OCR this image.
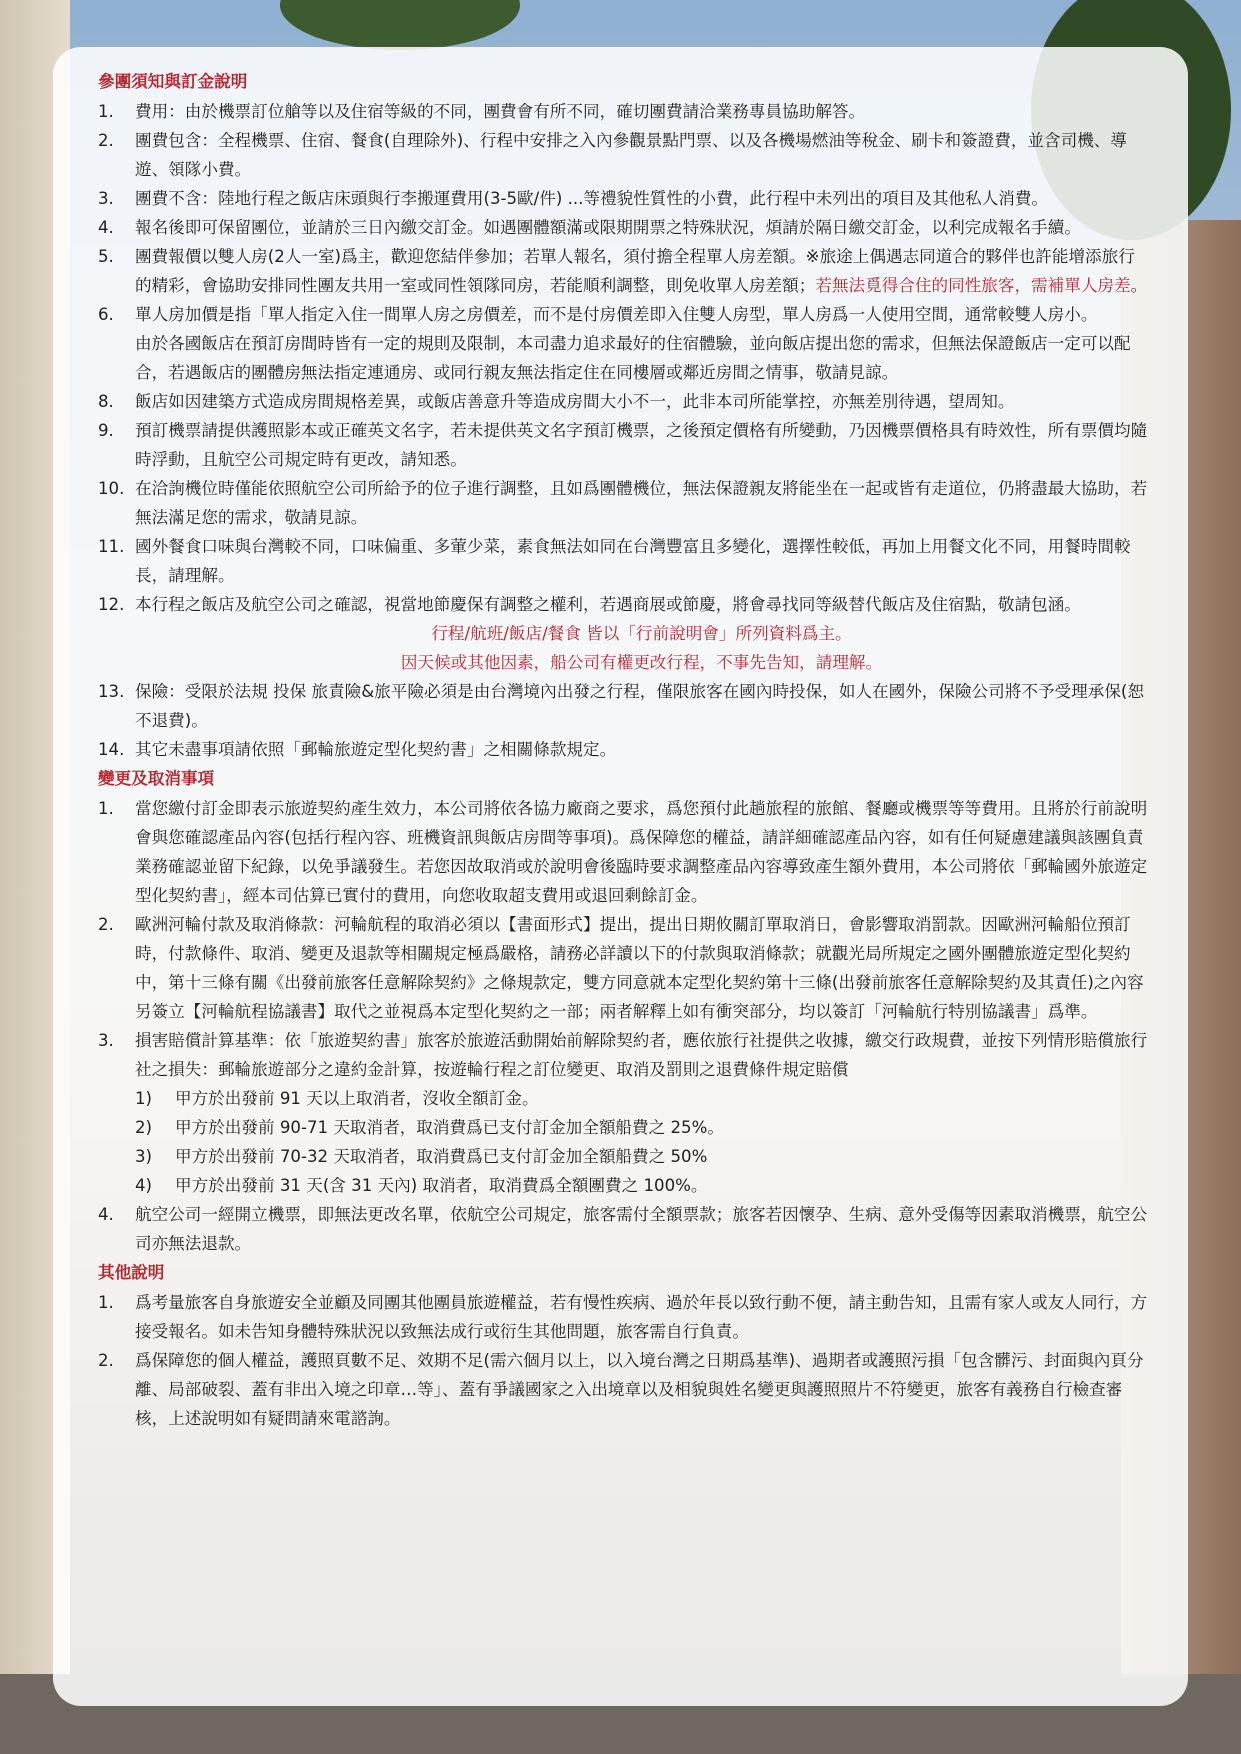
參團須知與訂金說明

1.	費用：由於機票訂位艙等以及住宿等級的不同，團費會有所不同，確切團費請洽業務專員協助解答。
2.	團費包含：全程機票、住宿、餐食(自理除外)、行程中安排之入內參觀景點門票、以及各機場燃油等稅金、刷卡和簽證費，並含司機、導遊、領隊小費。
3.	團費不含：陸地行程之飯店床頭與行李搬運費用(3-5歐/件) ...等禮貌性質性的小費，此行程中未列出的項目及其他私人消費。
4.	報名後即可保留團位，並請於三日內繳交訂金。如遇團體額滿或限期開票之特殊狀況，煩請於隔日繳交訂金，以利完成報名手續。
5.	團費報價以雙人房(2人一室)爲主，歡迎您結伴參加；若單人報名，須付擔全程單人房差額。※旅途上偶遇志同道合的夥伴也許能增添旅行的精彩，會協助安排同性團友共用一室或同性領隊同房，若能順利調整，則免收單人房差額；若無法覓得合住的同性旅客，需補單人房差。
6.	單人房加價是指「單人指定入住一間單人房之房價差，而不是付房價差即入住雙人房型，單人房爲一人使用空間，通常較雙人房小。
由於各國飯店在預訂房間時皆有一定的規則及限制，本司盡力追求最好的住宿體驗，並向飯店提出您的需求，但無法保證飯店一定可以配合，若遇飯店的團體房無法指定連通房、或同行親友無法指定住在同樓層或鄰近房間之情事，敬請見諒。
8.	飯店如因建築方式造成房間規格差異，或飯店善意升等造成房間大小不一，此非本司所能掌控，亦無差別待遇，望周知。
9.	預訂機票請提供護照影本或正確英文名字，若未提供英文名字預訂機票，之後預定價格有所變動，乃因機票價格具有時效性，所有票價均隨時浮動，且航空公司規定時有更改，請知悉。
10. 在洽詢機位時僅能依照航空公司所給予的位子進行調整，且如爲團體機位，無法保證親友將能坐在一起或皆有走道位，仍將盡最大協助，若無法滿足您的需求，敬請見諒。
11. 國外餐食口味與台灣較不同，口味偏重、多葷少菜，素食無法如同在台灣豐富且多變化，選擇性較低，再加上用餐文化不同，用餐時間較長，請理解。
12. 本行程之飯店及航空公司之確認，視當地節慶保有調整之權利，若遇商展或節慶，將會尋找同等級替代飯店及住宿點，敬請包涵。
行程/航班/飯店/餐食 皆以「行前說明會」所列資料爲主。
因天候或其他因素，船公司有權更改行程，不事先告知，請理解。
13. 保險：受限於法規 投保 旅責險&旅平險必須是由台灣境內出發之行程，僅限旅客在國內時投保，如人在國外，保險公司將不予受理承保(恕不退費)。
14. 其它未盡事項請依照「郵輪旅遊定型化契約書」之相關條款規定。

變更及取消事項

1.	當您繳付訂金即表示旅遊契約產生效力，本公司將依各協力廠商之要求，爲您預付此趟旅程的旅館、餐廳或機票等等費用。且將於行前說明會與您確認產品內容(包括行程內容、班機資訊與飯店房間等事項)。爲保障您的權益，請詳細確認產品內容，如有任何疑慮建議與該團負責業務確認並留下紀錄，以免爭議發生。若您因故取消或於說明會後臨時要求調整產品內容導致產生額外費用，本公司將依「郵輪國外旅遊定型化契約書」，經本司估算已實付的費用，向您收取超支費用或退回剩餘訂金。
2.	歐洲河輪付款及取消條款：河輪航程的取消必須以【書面形式】提出，提出日期攸關訂單取消日，會影響取消罰款。因歐洲河輪船位預訂時，付款條件、取消、變更及退款等相關規定極爲嚴格，請務必詳讀以下的付款與取消條款；就觀光局所規定之國外團體旅遊定型化契約中，第十三條有關《出發前旅客任意解除契約》之條規款定，雙方同意就本定型化契約第十三條(出發前旅客任意解除契約及其責任)之內容另簽立【河輪航程協議書】取代之並視爲本定型化契約之一部；兩者解釋上如有衝突部分，均以簽訂「河輪航行特別協議書」爲準。
3.	損害賠償計算基準：依「旅遊契約書」旅客於旅遊活動開始前解除契約者，應依旅行社提供之收據，繳交行政規費，並按下列情形賠償旅行社之損失：郵輪旅遊部分之違約金計算，按遊輪行程之訂位變更、取消及罰則之退費條件規定賠償
1)	甲方於出發前 91 天以上取消者，沒收全額訂金。
2)	甲方於出發前 90-71 天取消者，取消費爲已支付訂金加全額船費之 25%。
3)	甲方於出發前 70-32 天取消者，取消費爲已支付訂金加全額船費之 50%
4)	甲方於出發前 31 天(含 31 天內) 取消者，取消費爲全額團費之 100%。
4.	航空公司一經開立機票，即無法更改名單，依航空公司規定，旅客需付全額票款；旅客若因懷孕、生病、意外受傷等因素取消機票，航空公司亦無法退款。

其他說明

1.	爲考量旅客自身旅遊安全並顧及同團其他團員旅遊權益，若有慢性疾病、過於年長以致行動不便，請主動告知，且需有家人或友人同行，方接受報名。如未告知身體特殊狀況以致無法成行或衍生其他問題，旅客需自行負責。
2.	爲保障您的個人權益，護照頁數不足、效期不足(需六個月以上，以入境台灣之日期爲基準)、過期者或護照污損「包含髒污、封面與內頁分離、局部破裂、蓋有非出入境之印章…等」、蓋有爭議國家之入出境章以及相貌與姓名變更與護照照片不符變更，旅客有義務自行檢查審核，上述說明如有疑問請來電諮詢。
